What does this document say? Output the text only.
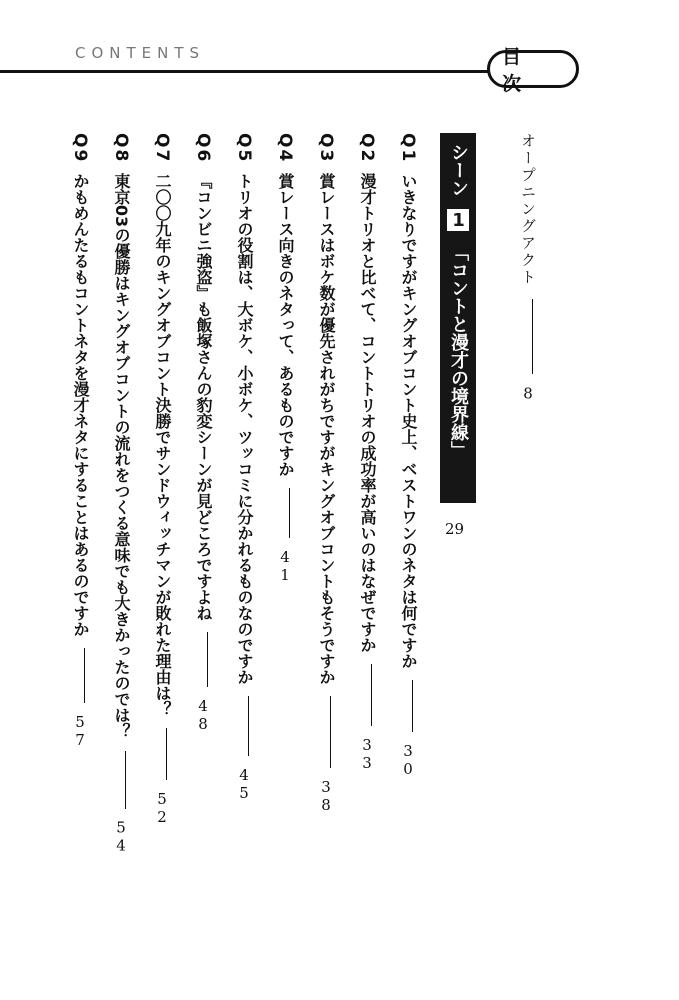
CONTENTS	目 次
オープニングアクト  8
シーン1「コントと漫才の境界線」
29
Q1 いきなりですがキングオブコント史上、ベストワンのネタは何ですか  30
Q2 漫才トリオと比べて、コントトリオの成功率が高いのはなぜですか  33
Q3 賞レースはボケ数が優先されがちですがキングオブコントもそうですか  38
Q4 賞レース向きのネタって、あるものですか  41
Q5 トリオの役割は、大ボケ、小ボケ、ツッコミに分かれるものなのですか  45
Q6 『コンビニ強盗』も飯塚さんの豹変シーンが見どころですよね  48
Q7 二〇〇九年のキングオブコント決勝でサンドウィッチマンが敗れた理由は？  52
Q8 東京03の優勝はキングオブコントの流れをつくる意味でも大きかったのでは？  54
Q9 かもめんたるもコントネタを漫才ネタにすることはあるのですか  57
